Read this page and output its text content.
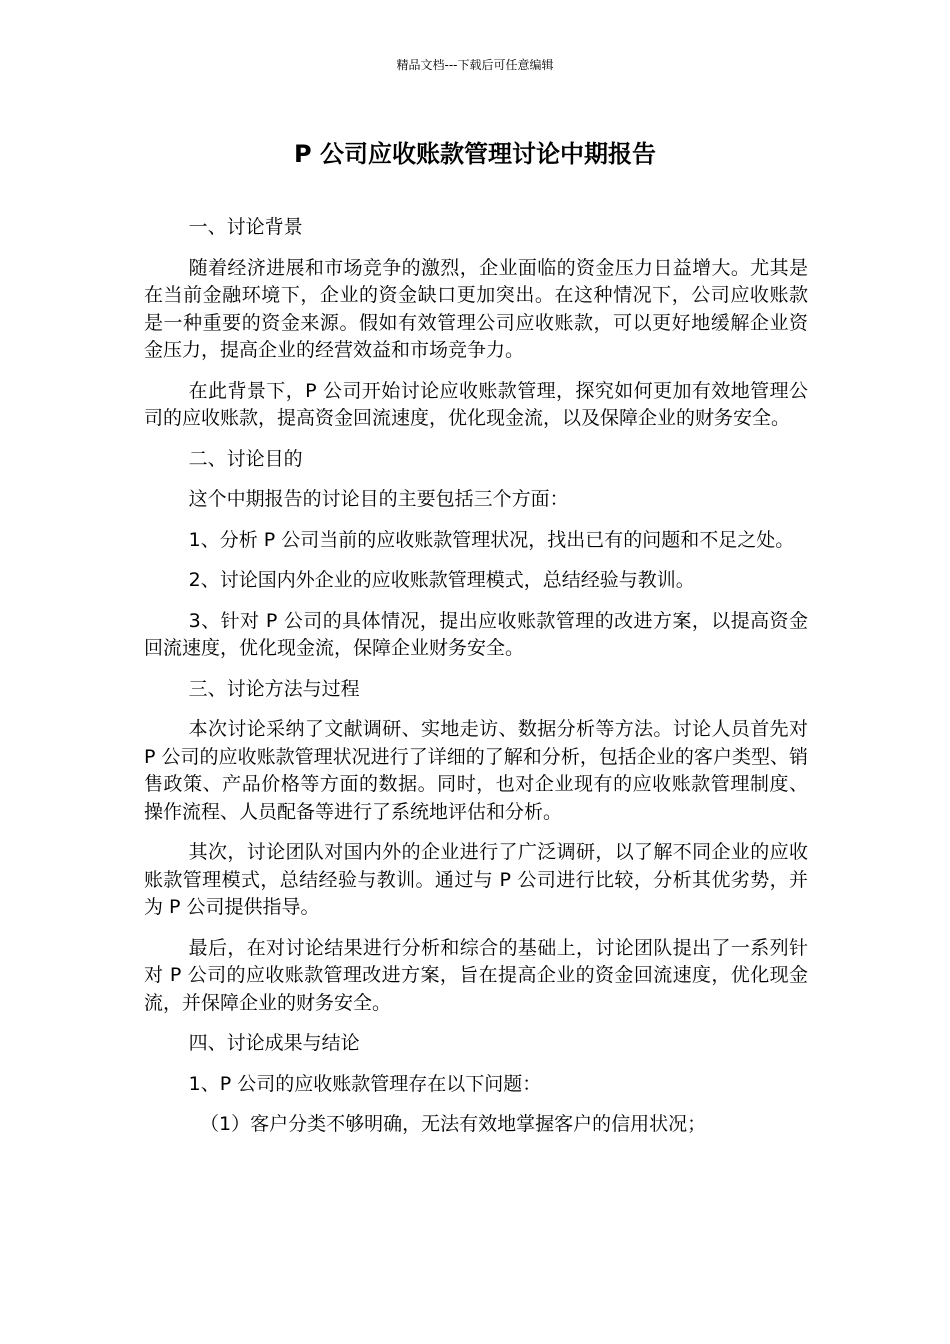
精品文档---下载后可任意编辑
P 公司应收账款管理讨论中期报告

一、讨论背景

随着经济进展和市场竞争的激烈，企业面临的资金压力日益增大。尤其是在当前金融环境下，企业的资金缺口更加突出。在这种情况下，公司应收账款是一种重要的资金来源。假如有效管理公司应收账款，可以更好地缓解企业资金压力，提高企业的经营效益和市场竞争力。

在此背景下，P 公司开始讨论应收账款管理，探究如何更加有效地管理公司的应收账款，提高资金回流速度，优化现金流，以及保障企业的财务安全。

二、讨论目的

这个中期报告的讨论目的主要包括三个方面：

1、分析 P 公司当前的应收账款管理状况，找出已有的问题和不足之处。

2、讨论国内外企业的应收账款管理模式，总结经验与教训。

3、针对 P 公司的具体情况，提出应收账款管理的改进方案，以提高资金回流速度，优化现金流，保障企业财务安全。

三、讨论方法与过程

本次讨论采纳了文献调研、实地走访、数据分析等方法。讨论人员首先对 P 公司的应收账款管理状况进行了详细的了解和分析，包括企业的客户类型、销售政策、产品价格等方面的数据。同时，也对企业现有的应收账款管理制度、操作流程、人员配备等进行了系统地评估和分析。

其次，讨论团队对国内外的企业进行了广泛调研，以了解不同企业的应收账款管理模式，总结经验与教训。通过与 P 公司进行比较，分析其优劣势，并为 P 公司提供指导。

最后，在对讨论结果进行分析和综合的基础上，讨论团队提出了一系列针对 P 公司的应收账款管理改进方案，旨在提高企业的资金回流速度，优化现金流，并保障企业的财务安全。

四、讨论成果与结论

1、P 公司的应收账款管理存在以下问题：

（1）客户分类不够明确，无法有效地掌握客户的信用状况；
